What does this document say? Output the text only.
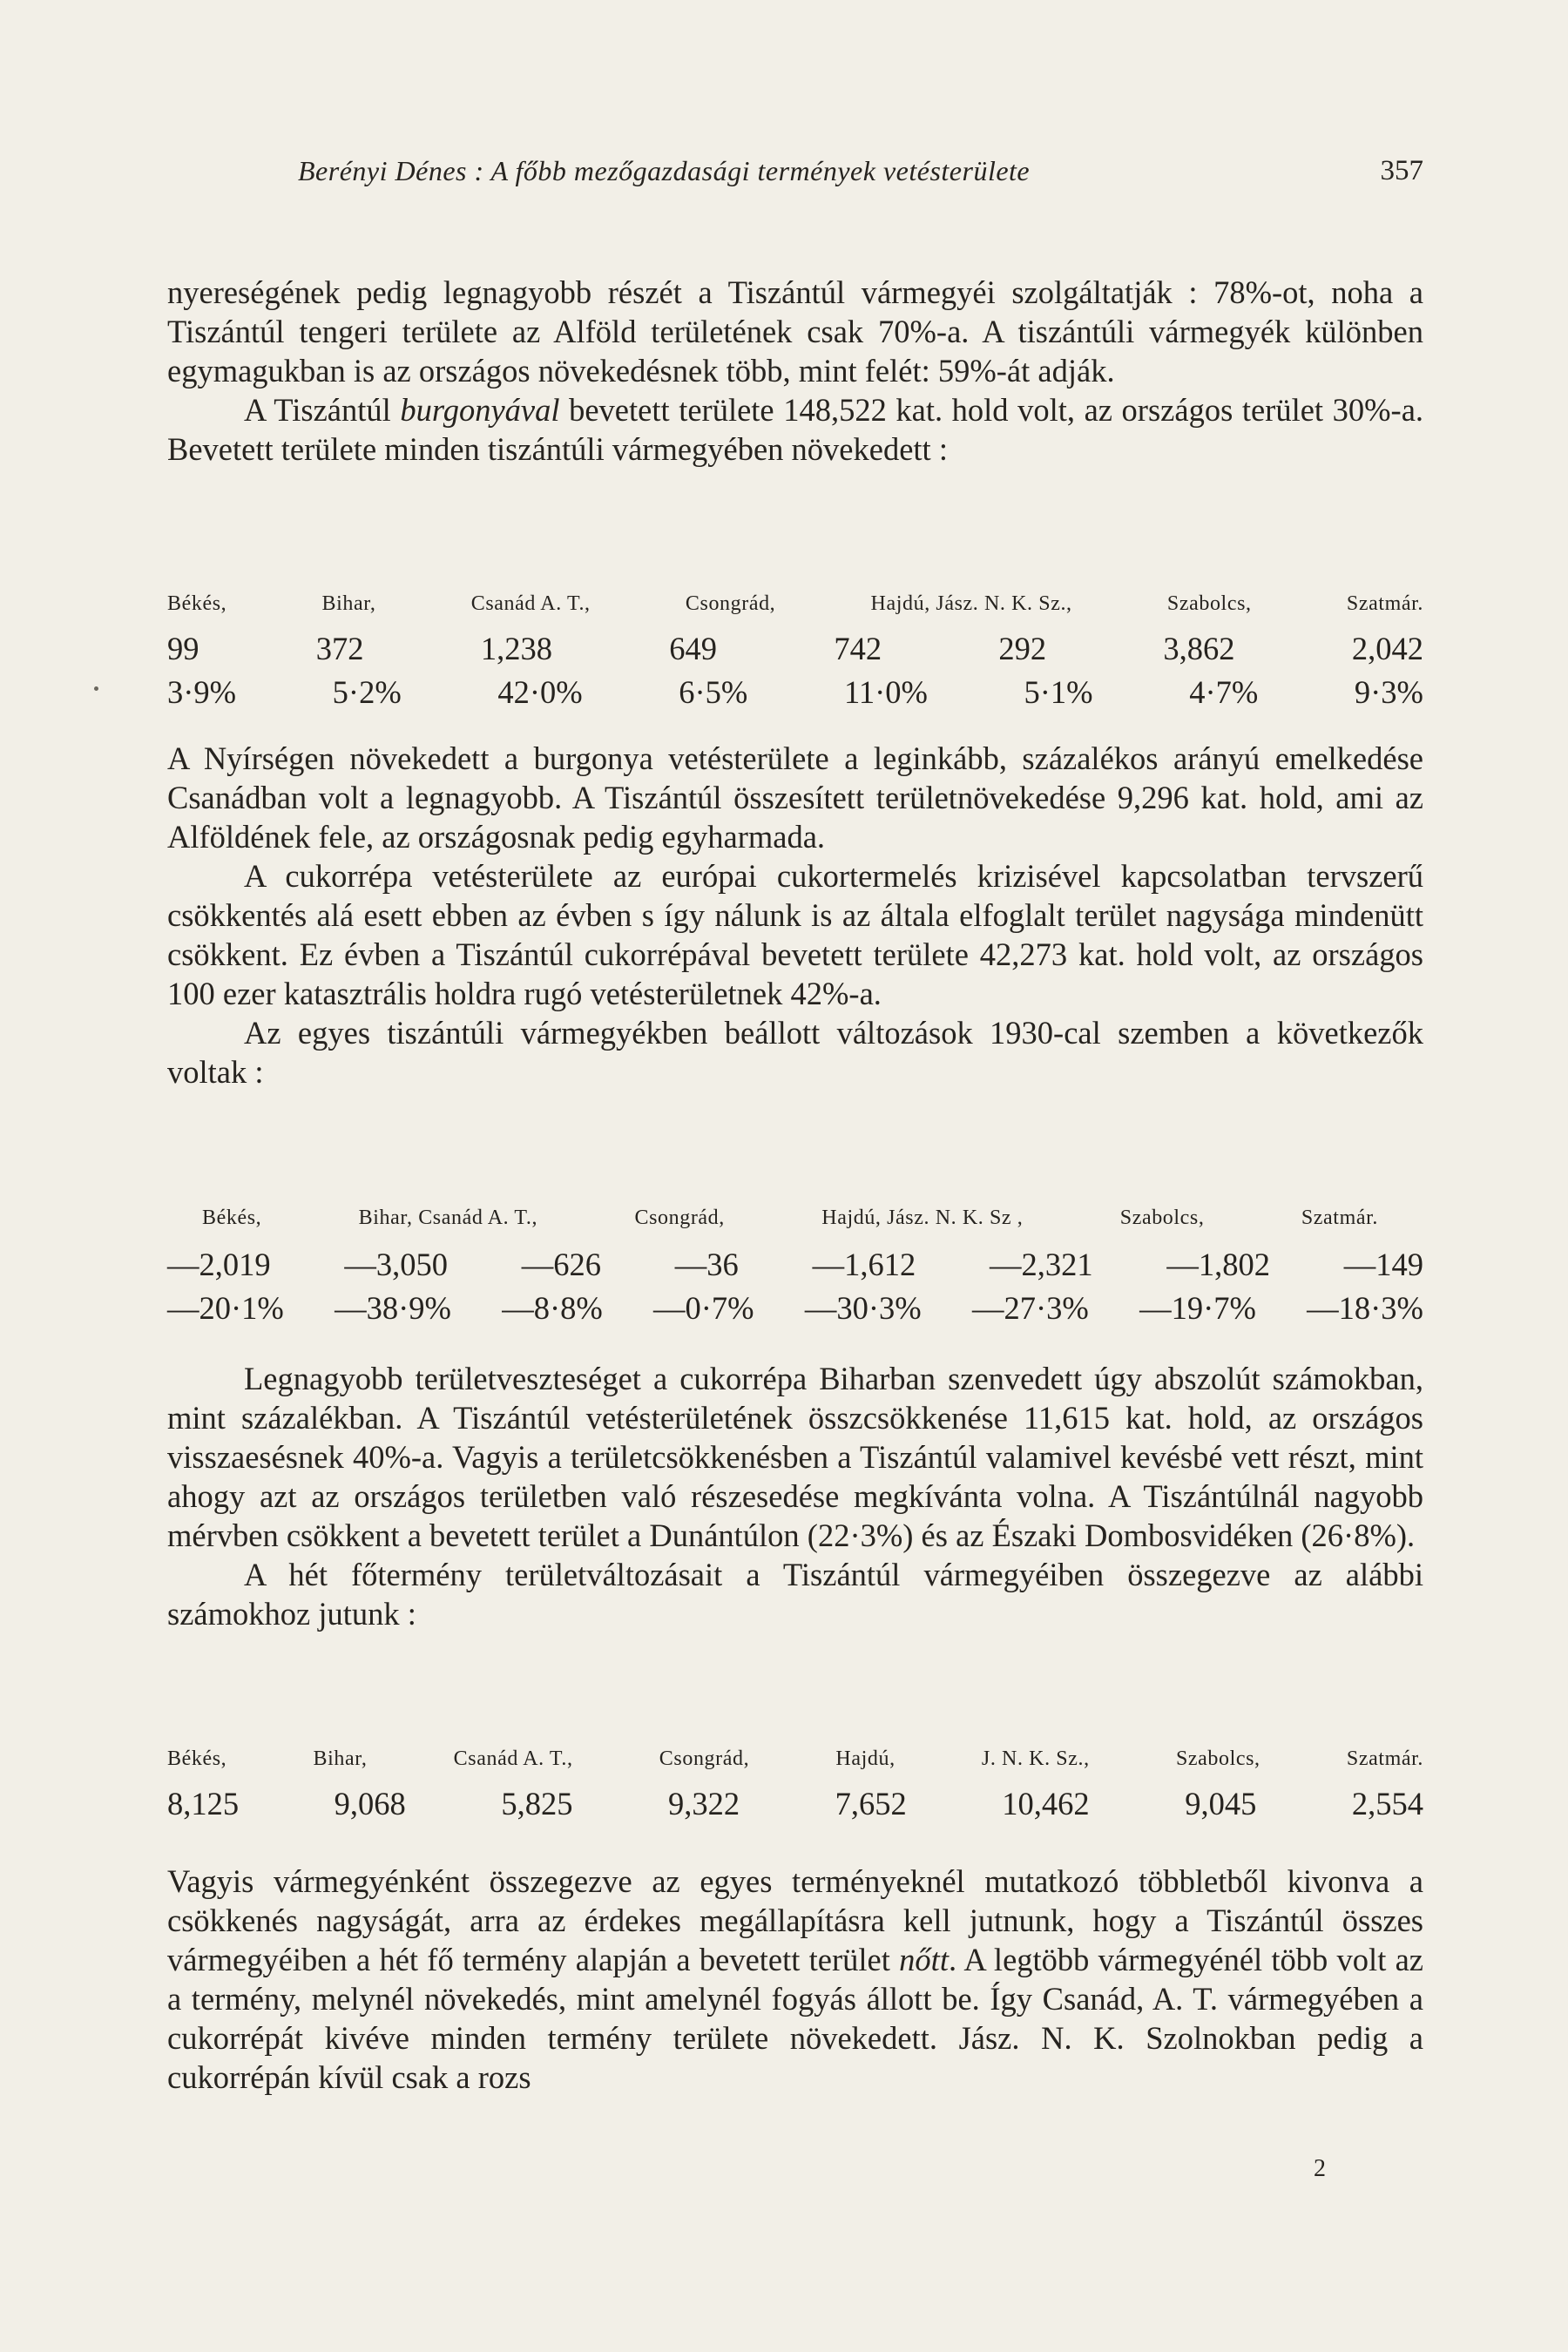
Berényi Dénes : A főbb mezőgazdasági termények vetésterülete	357

nyereségének pedig legnagyobb részét a Tiszántúl vármegyéi szolgáltatják : 78%-ot, noha a Tiszántúl tengeri területe az Alföld területének csak 70%-a. A tiszántúli vármegyék különben egymagukban is az országos növekedésnek több, mint felét: 59%-át adják.
A Tiszántúl burgonyával bevetett területe 148,522 kat. hold volt, az országos terület 30%-a. Bevetett területe minden tiszántúli vármegyében növekedett :

Békés,	Bihar,	Csanád A. T.,	Csongrád,	Hajdú, Jász. N. K. Sz.,	Szabolcs,	Szatmár.
99	372	1,238	649	742	292	3,862	2,042
3·9%	5·2%	42·0%	6·5%	11·0%	5·1%	4·7%	9·3%

A Nyírségen növekedett a burgonya vetésterülete a leginkább, százalékos arányú emelkedése Csanádban volt a legnagyobb. A Tiszántúl összesített területnövekedése 9,296 kat. hold, ami az Alföldének fele, az országosnak pedig egyharmada.
A cukorrépa vetésterülete az európai cukortermelés krizisével kapcsolatban tervszerű csökkentés alá esett ebben az évben s így nálunk is az általa elfoglalt terület nagysága mindenütt csökkent. Ez évben a Tiszántúl cukorrépával bevetett területe 42,273 kat. hold volt, az országos 100 ezer katasztrális holdra rugó vetésterületnek 42%-a.
Az egyes tiszántúli vármegyékben beállott változások 1930-cal szemben a következők voltak :

Békés,	Bihar, Csanád A. T.,	Csongrád,	Hajdú, Jász. N. K. Sz ,	Szabolcs,	Szatmár.
—2,019 —3,050 —626 —36 —1,612 —2,321 —1,802 —149
—20·1% —38·9% —8·8% —0·7% —30·3% —27·3% —19·7% —18·3%

Legnagyobb területveszteséget a cukorrépa Biharban szenvedett úgy abszolút számokban, mint százalékban. A Tiszántúl vetésterületének összcsökkenése 11,615 kat. hold, az országos visszaesésnek 40%-a. Vagyis a területcsökkenésben a Tiszántúl valamivel kevésbé vett részt, mint ahogy azt az országos területben való részesedése megkívánta volna. A Tiszántúlnál nagyobb mérvben csökkent a bevetett terület a Dunántúlon (22·3%) és az Északi Dombosvidéken (26·8%).
A hét főtermény területváltozásait a Tiszántúl vármegyéiben összegezve az alábbi számokhoz jutunk :

Békés,	Bihar,	Csanád A. T.,	Csongrád,	Hajdú,	J. N. K. Sz.,	Szabolcs,	Szatmár.
8,125	9,068	5,825	9,322	7,652	10,462	9,045	2,554

Vagyis vármegyénként összegezve az egyes terményeknél mutatkozó többletből kivonva a csökkenés nagyságát, arra az érdekes megállapításra kell jutnunk, hogy a Tiszántúl összes vármegyéiben a hét fő termény alapján a bevetett terület nőtt. A legtöbb vármegyénél több volt az a termény, melynél növekedés, mint amelynél fogyás állott be. Így Csanád, A. T. vármegyében a cukorrépát kivéve minden termény területe növekedett. Jász. N. K. Szolnokban pedig a cukorrépán kívül csak a rozs

2
